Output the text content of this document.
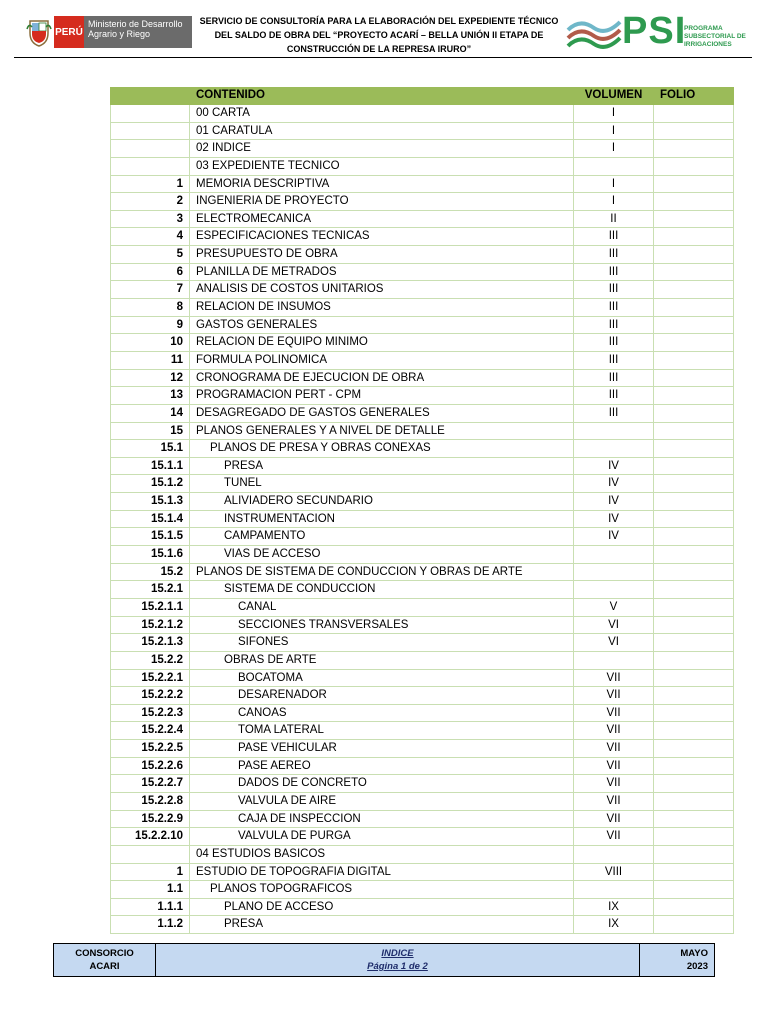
PERÚ
Ministerio de Desarrollo Agrario y Riego
SERVICIO DE CONSULTORÍA PARA LA ELABORACIÓN DEL EXPEDIENTE TÉCNICO
DEL SALDO DE OBRA DEL “PROYECTO ACARÍ – BELLA UNIÓN II ETAPA DE
CONSTRUCCIÓN DE LA REPRESA IRURO”	PSI
PROGRAMA SUBSECTORIAL DE IRRIGACIONES
CONTENIDO	VOLUMEN	FOLIO
00 CARTA	I
01 CARATULA	I
02 INDICE	I
03 EXPEDIENTE TECNICO
1	MEMORIA DESCRIPTIVA	I
2	INGENIERIA DE PROYECTO	I
3	ELECTROMECANICA	II
4	ESPECIFICACIONES TECNICAS	III
5	PRESUPUESTO DE OBRA	III
6	PLANILLA DE METRADOS	III
7	ANALISIS DE COSTOS UNITARIOS	III
8	RELACION DE INSUMOS	III
9	GASTOS GENERALES	III
10	RELACION DE EQUIPO MINIMO	III
11	FORMULA POLINOMICA	III
12	CRONOGRAMA DE EJECUCION DE OBRA	III
13	PROGRAMACION PERT - CPM	III
14	DESAGREGADO DE GASTOS GENERALES	III
15	PLANOS GENERALES Y A NIVEL DE DETALLE
15.1	PLANOS DE PRESA Y OBRAS CONEXAS
15.1.1	PRESA	IV
15.1.2	TUNEL	IV
15.1.3	ALIVIADERO SECUNDARIO	IV
15.1.4	INSTRUMENTACION	IV
15.1.5	CAMPAMENTO	IV
15.1.6	VIAS DE ACCESO
15.2	PLANOS DE SISTEMA DE CONDUCCION Y OBRAS DE ARTE
15.2.1	SISTEMA DE CONDUCCION
15.2.1.1	CANAL	V
15.2.1.2	SECCIONES TRANSVERSALES	VI
15.2.1.3	SIFONES	VI
15.2.2	OBRAS DE ARTE
15.2.2.1	BOCATOMA	VII
15.2.2.2	DESARENADOR	VII
15.2.2.3	CANOAS	VII
15.2.2.4	TOMA LATERAL	VII
15.2.2.5	PASE VEHICULAR	VII
15.2.2.6	PASE AEREO	VII
15.2.2.7	DADOS DE CONCRETO	VII
15.2.2.8	VALVULA DE AIRE	VII
15.2.2.9	CAJA DE INSPECCION	VII
15.2.2.10	VALVULA DE PURGA	VII
04 ESTUDIOS BASICOS
1	ESTUDIO DE TOPOGRAFIA DIGITAL	VIII
1.1	PLANOS TOPOGRAFICOS
1.1.1	PLANO DE ACCESO	IX
1.1.2	PRESA	IX
CONSORCIO
ACARI
INDICE
Página 1 de 2
MAYO
2023
